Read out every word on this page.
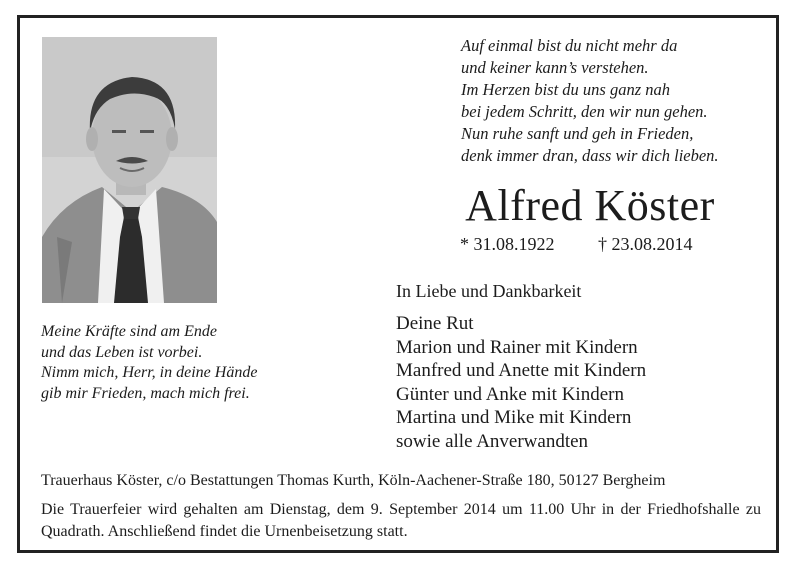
Auf einmal bist du nicht mehr da
und keiner kann’s verstehen.
Im Herzen bist du uns ganz nah
bei jedem Schritt, den wir nun gehen.
Nun ruhe sanft und geh in Frieden,
denk immer dran, dass wir dich lieben.
Alfred Köster
* 31.08.1922 † 23.08.2014
In Liebe und Dankbarkeit
Deine Rut
Marion und Rainer mit Kindern
Manfred und Anette mit Kindern
Günter und Anke mit Kindern
Martina und Mike mit Kindern
sowie alle Anverwandten
Meine Kräfte sind am Ende
und das Leben ist vorbei.
Nimm mich, Herr, in deine Hände
gib mir Frieden, mach mich frei.
Trauerhaus Köster, c/o Bestattungen Thomas Kurth, Köln-Aachener-Straße 180, 50127 Bergheim
Die Trauerfeier wird gehalten am Dienstag, dem 9. September 2014 um 11.00 Uhr in der Friedhofshalle zu Quadrath. Anschließend findet die Urnenbeisetzung statt.
